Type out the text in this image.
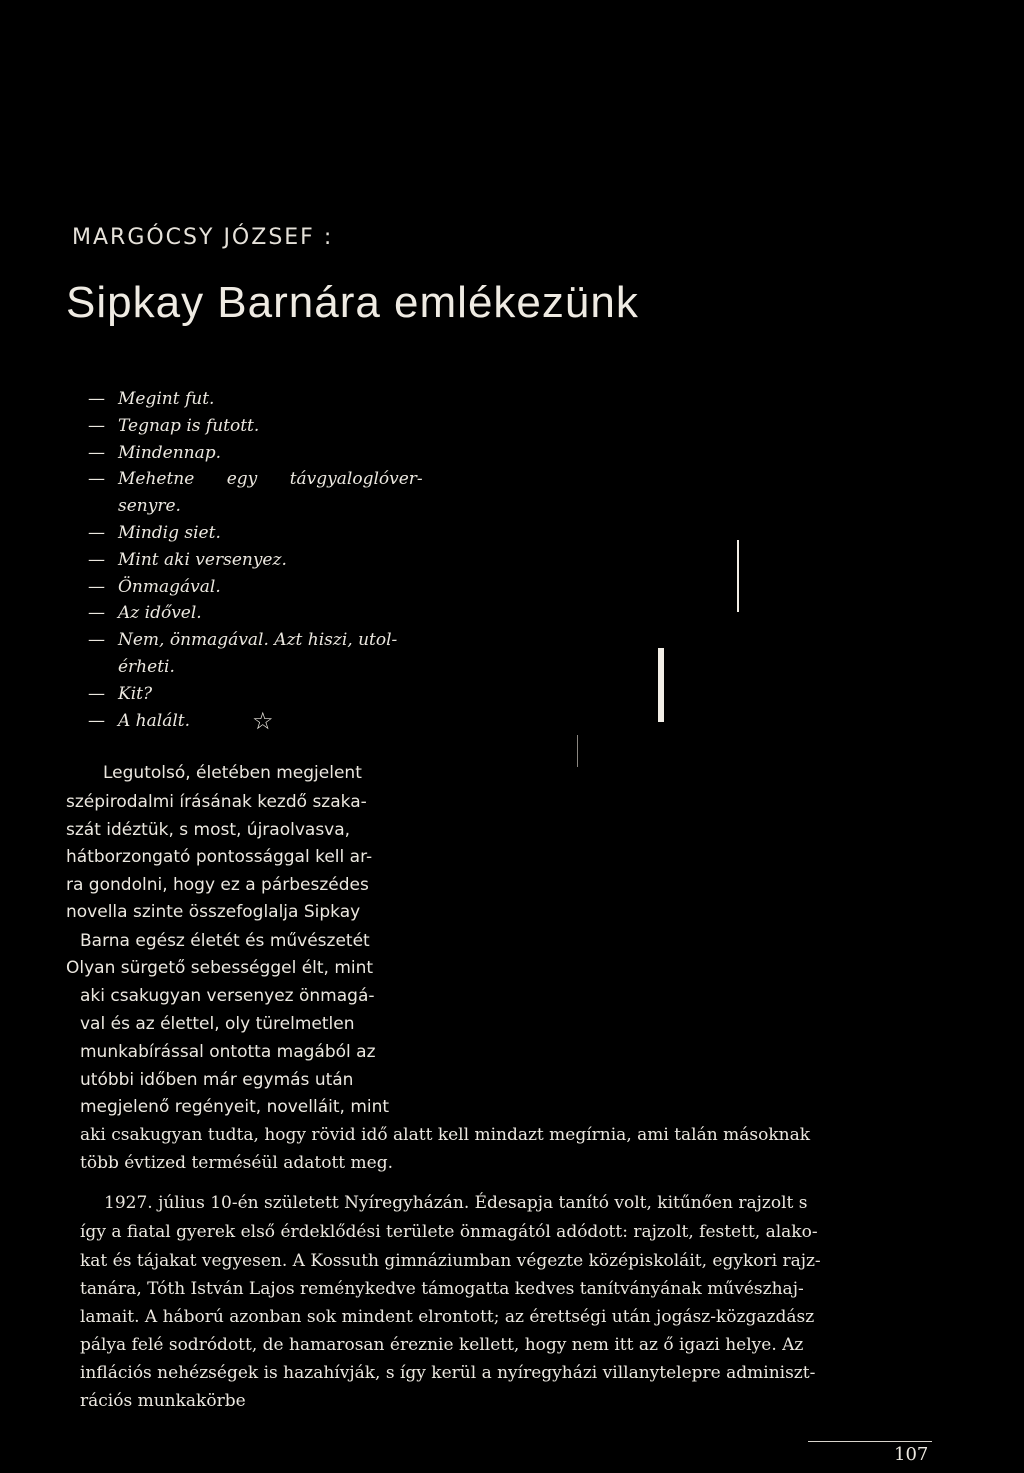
MARGÓCSY JÓZSEF :
Sipkay Barnára emlékezünk
— Megint fut.
— Tegnap is futott.
— Mindennap.
— Mehetne      egy      távgyaloglóver-
senyre.
— Mindig siet.
— Mint aki versenyez.
— Önmagával.
— Az idővel.
— Nem, önmagával. Azt hiszi, utol-
érheti.
— Kit?
— A halált.	☆

Legutolsó, életében megjelent

szépirodalmi írásának kezdő szaka-

szát idéztük, s most, újraolvasva,

hátborzongató pontossággal kell ar-

ra gondolni, hogy ez a párbeszédes

novella szinte összefoglalja Sipkay

Barna egész életét és művészetét

Olyan sürgető sebességgel élt, mint

aki csakugyan versenyez önmagá-

val és az élettel, oly türelmetlen

munkabírással ontotta magából az

utóbbi időben már egymás után

megjelenő regényeit, novelláit, mint

aki csakugyan tudta, hogy rövid idő alatt kell mindazt megírnia, ami talán másoknak

több évtized terméséül adatott meg.

1927. július 10-én született Nyíregyházán. Édesapja tanító volt, kitűnően rajzolt s

így a fiatal gyerek első érdeklődési területe önmagától adódott: rajzolt, festett, alako-

kat és tájakat vegyesen. A Kossuth gimnáziumban végezte középiskoláit, egykori rajz-

tanára, Tóth István Lajos reménykedve támogatta kedves tanítványának művészhaj-

lamait. A háború azonban sok mindent elrontott; az érettségi után jogász-közgazdász

pálya felé sodródott, de hamarosan éreznie kellett, hogy nem itt az ő igazi helye. Az

inflációs nehézségek is hazahívják, s így kerül a nyíregyházi villanytelepre adminiszt-

rációs munkakörbe

107
